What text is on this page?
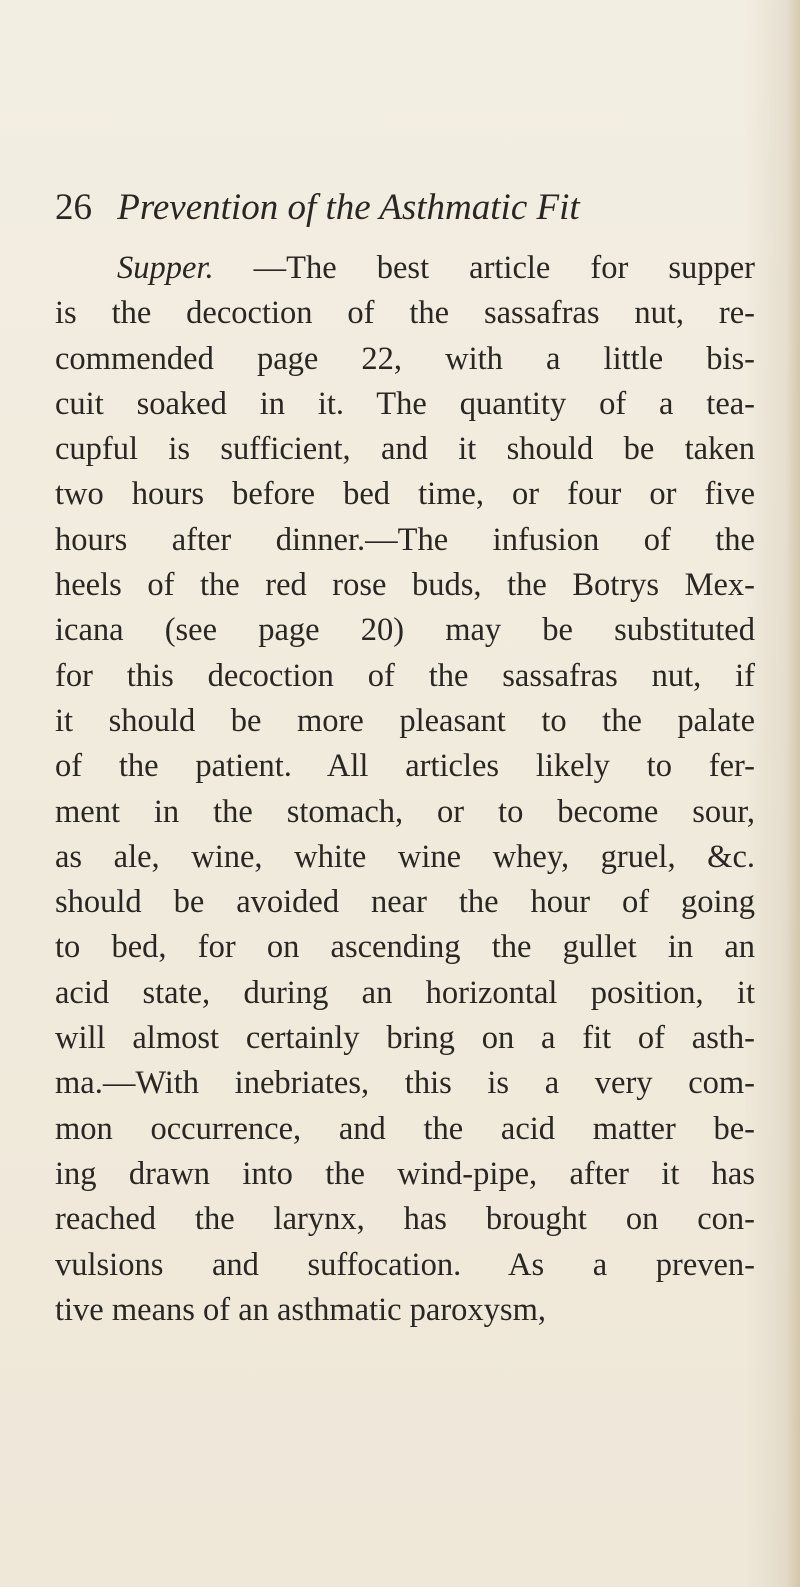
26 Prevention of the Asthmatic Fit
Supper. —The best article for supper
is the decoction of the sassafras nut, re-
commended page 22, with a little bis-
cuit soaked in it. The quantity of a tea-
cupful is sufficient, and it should be taken
two hours before bed time, or four or five
hours after dinner.—The infusion of the
heels of the red rose buds, the Botrys Mex-
icana (see page 20) may be substituted
for this decoction of the sassafras nut, if
it should be more pleasant to the palate
of the patient. All articles likely to fer-
ment in the stomach, or to become sour,
as ale, wine, white wine whey, gruel, &c.
should be avoided near the hour of going
to bed, for on ascending the gullet in an
acid state, during an horizontal position, it
will almost certainly bring on a fit of asth-
ma.—With inebriates, this is a very com-
mon occurrence, and the acid matter be-
ing drawn into the wind-pipe, after it has
reached the larynx, has brought on con-
vulsions and suffocation. As a preven-
tive means of an asthmatic paroxysm,
